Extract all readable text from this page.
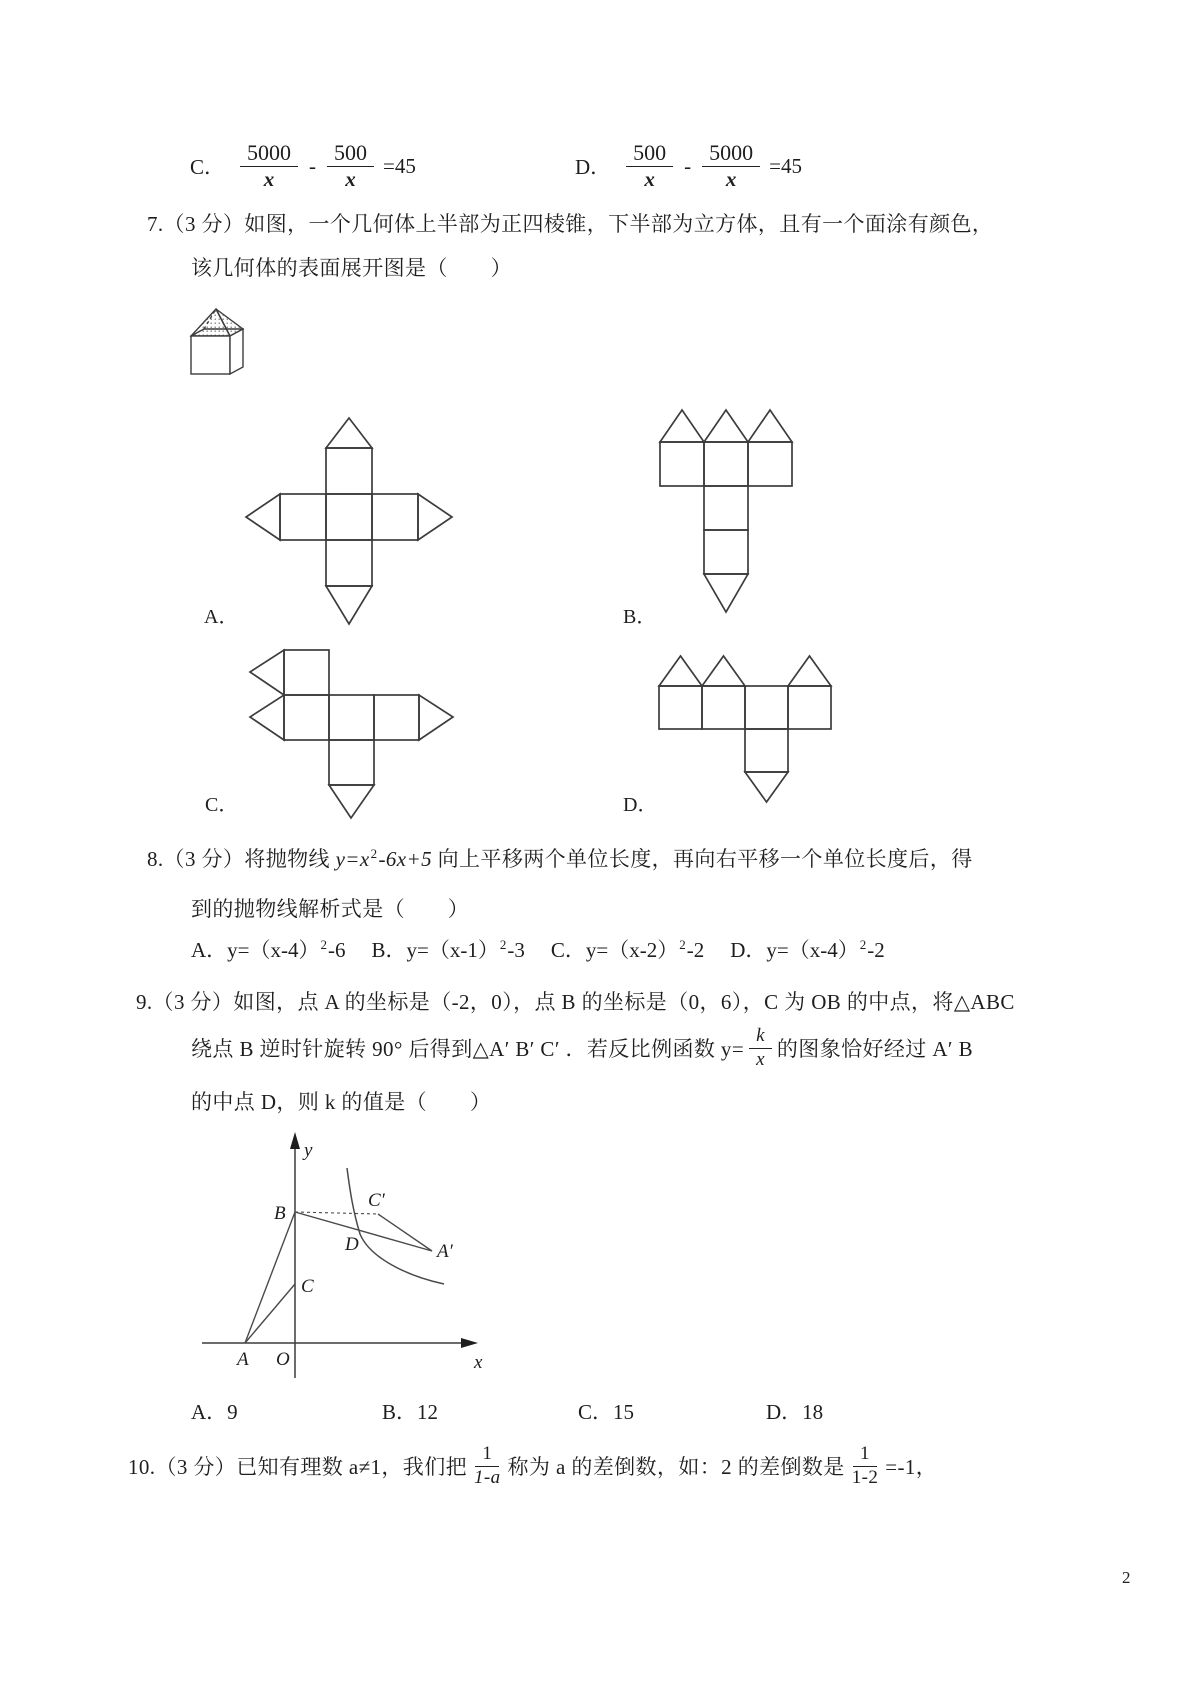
C． $\frac{5000}{x} - \frac{500}{x} =45$	D． $\frac{500}{x} - \frac{5000}{x} =45$
7.（3 分）如图，一个几何体上半部为正四棱锥，下半部为立方体，且有一个面涂有颜色，
该几何体的表面展开图是（　　）
A．	B．
C．	D．
8.（3 分）将抛物线 $y=x^2-6x+5$ 向上平移两个单位长度，再向右平移一个单位长度后，得
到的抛物线解析式是（　　）
A．$y=(x-4)^2-6$ B．$y=(x-1)^2-3$ C．$y=(x-2)^2-2$ D．$y=(x-4)^2-2$
9.（3 分）如图，点 A 的坐标是（-2，0），点 B 的坐标是（0，6），C 为 OB 的中点，将△ABC
绕点 B 逆时针旋转 90° 后得到△A′ B′ C′ ．若反比例函数 $y= \frac{k}{x}$ 的图象恰好经过 A′ B
的中点 D，则 k 的值是（　　）
y
x
B
C′
D	A′
C
A O
A．9	B．12	C．15	D．18
10.（3 分）已知有理数 a≠1，我们把 $\frac{1}{1-a}$ 称为 a 的差倒数，如：2 的差倒数是 $\frac{1}{1-2} =-1$，
2
